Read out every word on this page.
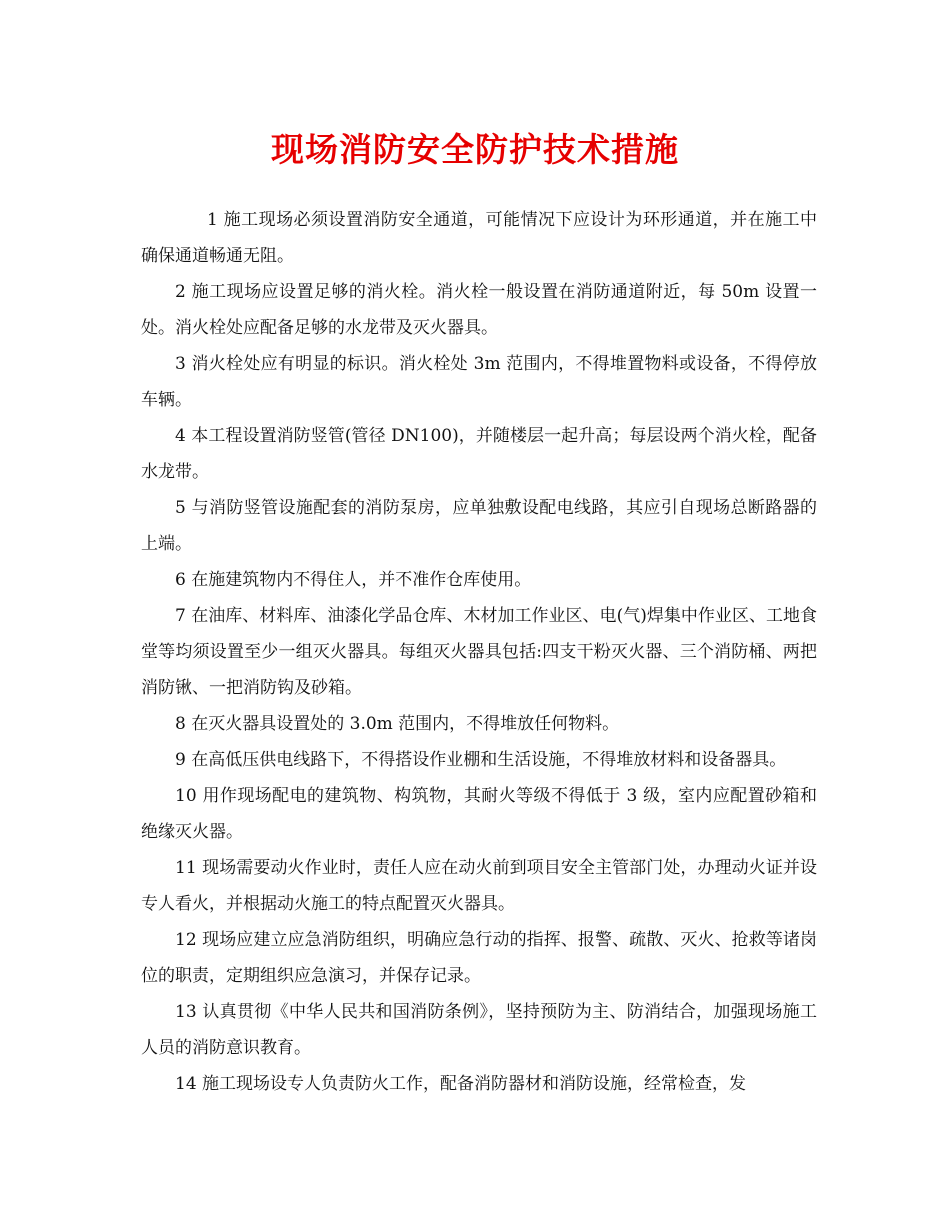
现场消防安全防护技术措施

1 施工现场必须设置消防安全通道，可能情况下应设计为环形通道，并在施工中确保通道畅通无阻。

2 施工现场应设置足够的消火栓。消火栓一般设置在消防通道附近，每 50m 设置一处。消火栓处应配备足够的水龙带及灭火器具。

3 消火栓处应有明显的标识。消火栓处 3m 范围内，不得堆置物料或设备，不得停放车辆。

4 本工程设置消防竖管(管径 DN100)，并随楼层一起升高；每层设两个消火栓，配备水龙带。

5 与消防竖管设施配套的消防泵房，应单独敷设配电线路，其应引自现场总断路器的上端。

6 在施建筑物内不得住人，并不准作仓库使用。

7 在油库、材料库、油漆化学品仓库、木材加工作业区、电(气)焊集中作业区、工地食堂等均须设置至少一组灭火器具。每组灭火器具包括:四支干粉灭火器、三个消防桶、两把消防锹、一把消防钩及砂箱。

8 在灭火器具设置处的 3.0m 范围内，不得堆放任何物料。

9 在高低压供电线路下，不得搭设作业棚和生活设施，不得堆放材料和设备器具。

10 用作现场配电的建筑物、构筑物，其耐火等级不得低于 3 级，室内应配置砂箱和绝缘灭火器。

11 现场需要动火作业时，责任人应在动火前到项目安全主管部门处，办理动火证并设专人看火，并根据动火施工的特点配置灭火器具。

12 现场应建立应急消防组织，明确应急行动的指挥、报警、疏散、灭火、抢救等诸岗位的职责，定期组织应急演习，并保存记录。

13 认真贯彻《中华人民共和国消防条例》，坚持预防为主、防消结合，加强现场施工人员的消防意识教育。

14 施工现场设专人负责防火工作，配备消防器材和消防设施，经常检查，发
